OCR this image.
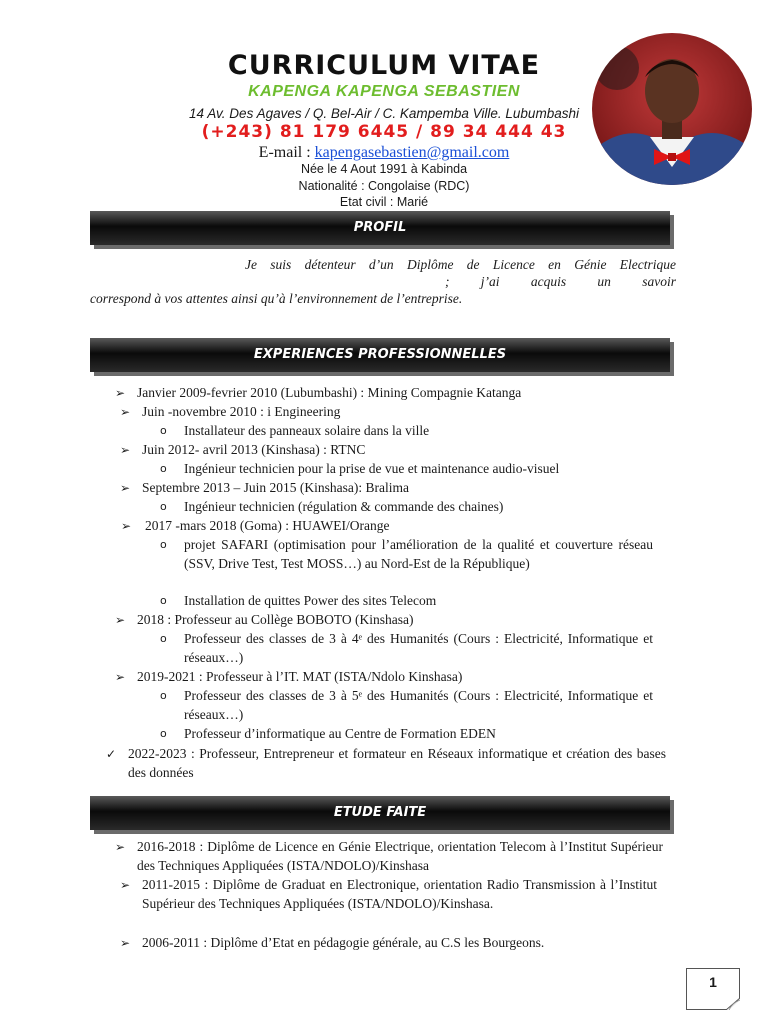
CURRICULUM VITAE
KAPENGA KAPENGA SEBASTIEN
14 Av. Des Agaves / Q. Bel-Air / C. Kampemba Ville. Lubumbashi
(+243) 81 179 6445 / 89 34 444 43
E-mail : kapengasebastien@gmail.com
Née le 4 Aout 1991 à Kabinda
Nationalité : Congolaise (RDC)
Etat civil : Marié
PROFIL
Je suis détenteur d’un Diplôme de Licence en Génie Electrique
; j’ai acquis un savoir
correspond à vos attentes ainsi qu’à l’environnement de l’entreprise.
EXPERIENCES PROFESSIONNELLES
➢ Janvier 2009-fevrier 2010 (Lubumbashi) : Mining Compagnie Katanga
➢ Juin -novembre 2010 : i Engineering
o Installateur des panneaux solaire dans la ville
➢ Juin 2012- avril 2013 (Kinshasa) : RTNC
o Ingénieur technicien pour la prise de vue et maintenance audio-visuel
➢ Septembre 2013 – Juin 2015 (Kinshasa): Bralima
o Ingénieur technicien (régulation & commande des chaines)
➢ 2017 -mars 2018 (Goma) : HUAWEI/Orange
o projet SAFARI (optimisation pour l’amélioration de la qualité et couverture réseau (SSV, Drive Test, Test MOSS…) au Nord-Est de la République)
o Installation de quittes Power des sites Telecom
➢ 2018 : Professeur au Collège BOBOTO (Kinshasa)
o Professeur des classes de 3 à 4ᵉ des Humanités (Cours : Electricité, Informatique et réseaux…)
➢ 2019-2021 : Professeur à l’IT. MAT (ISTA/Ndolo Kinshasa)
o Professeur des classes de 3 à 5ᵉ des Humanités (Cours : Electricité, Informatique et réseaux…)
o Professeur d’informatique au Centre de Formation EDEN
✓ 2022-2023 : Professeur, Entrepreneur et formateur en Réseaux informatique et création des bases des données
ETUDE FAITE
➢ 2016-2018 : Diplôme de Licence en Génie Electrique, orientation Telecom à l’Institut Supérieur des Techniques Appliquées (ISTA/NDOLO)/Kinshasa
➢ 2011-2015 : Diplôme de Graduat en Electronique, orientation Radio Transmission à l’Institut Supérieur des Techniques Appliquées (ISTA/NDOLO)/Kinshasa.
➢ 2006-2011 : Diplôme d’Etat en pédagogie générale, au C.S les Bourgeons.
1
